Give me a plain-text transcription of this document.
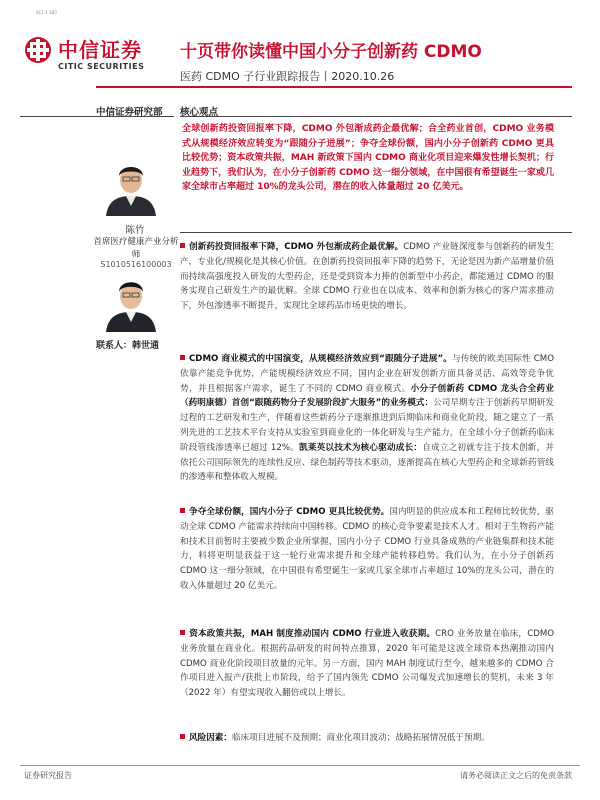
0C1 4 1B0
中信证券
CITIC SECURITIES
十页带你读懂中国小分子创新药 CDMO
医药 CDMO 子行业跟踪报告丨2020.10.26
中信证券研究部
陈竹
首席医疗健康产业分析师
S1010516100003
联系人：韩世通
核心观点
全球创新药投资回报率下降，CDMO 外包渐成药企最优解；合全药业首创，CDMO 业务模式从规模经济效应转变为“跟随分子进展”；争夺全球份额，国内小分子创新药 CDMO 更具比较优势；资本政策共振，MAH 新政策下国内 CDMO 商业化项目迎来爆发性增长契机；行业趋势下，我们认为，在小分子创新药 CDMO 这一细分领域，在中国很有希望诞生一家或几家全球市占率超过 10%的龙头公司，潜在的收入体量超过 20 亿美元。
创新药投资回报率下降，CDMO 外包渐成药企最优解。CDMO 产业链深度参与创新药的研发生产，专业化/规模化是其核心价值。在创新药投资回报率下降的趋势下，无论是因为新产品增量价值而持续高强度投入研发的大型药企，还是受到资本力捧的创新型中小药企，都能通过 CDMO 的服务实现自己研发生产的最优解。全球 CDMO 行业也在以成本、效率和创新为核心的客户需求推动下，外包渗透率不断提升，实现比全球药品市场更快的增长。
CDMO 商业模式的中国演变，从规模经济效应到“跟随分子进展”。与传统的欧美国际性 CMO 依靠产能竞争优势，产能规模经济效应不同，国内企业在研发创新方面具备灵活、高效等竞争优势，并且根据客户需求，诞生了不同的 CDMO 商业模式。小分子创新药 CDMO 龙头合全药业（药明康德）首创“跟随药物分子发展阶段扩大服务”的业务模式：公司早期专注于创新药早期研发过程的工艺研发和生产，伴随着这些新药分子逐渐推进到后期临床和商业化阶段，随之建立了一系列先进的工艺技术平台支持从实验室到商业化的一体化研发与生产能力，在全球小分子创新药临床阶段管线渗透率已超过 12%。凯莱英以技术为核心驱动成长：自成立之初就专注于技术创新，并依托公司国际领先的连续性反应、绿色制药等技术驱动，逐渐提高在核心大型药企和全球新药管线的渗透率和整体收入规模。
争夺全球份额，国内小分子 CDMO 更具比较优势。国内明显的供应成本和工程师比较优势，驱动全球 CDMO 产能需求持续向中国转移。CDMO 的核心竞争要素是技术人才。相对于生物药产能和技术目前暂时主要被少数企业所掌握，国内小分子 CDMO 行业具备成熟的产业链集群和技术能力，料将更明显获益于这一轮行业需求提升和全球产能转移趋势。我们认为，在小分子创新药 CDMO 这一细分领域，在中国很有希望诞生一家或几家全球市占率超过 10%的龙头公司，潜在的收入体量超过 20 亿美元。
资本政策共振，MAH 制度推动国内 CDMO 行业进入收获期。CRO 业务放量在临床，CDMO 业务放量在商业化。根据药品研发的时间特点推算，2020 年可能是这波全球资本热潮推动国内 CDMO 商业化阶段项目放量的元年。另一方面，国内 MAH 制度试行至今，越来越多的 CDMO 合作项目进入报产/获批上市阶段，给予了国内领先 CDMO 公司爆发式加速增长的契机，未来 3 年（2022 年）有望实现收入翻倍或以上增长。
风险因素：临床项目进展不及预期；商业化项目波动；战略拓展情况低于预期。
证券研究报告	请务必阅读正文之后的免责条款
